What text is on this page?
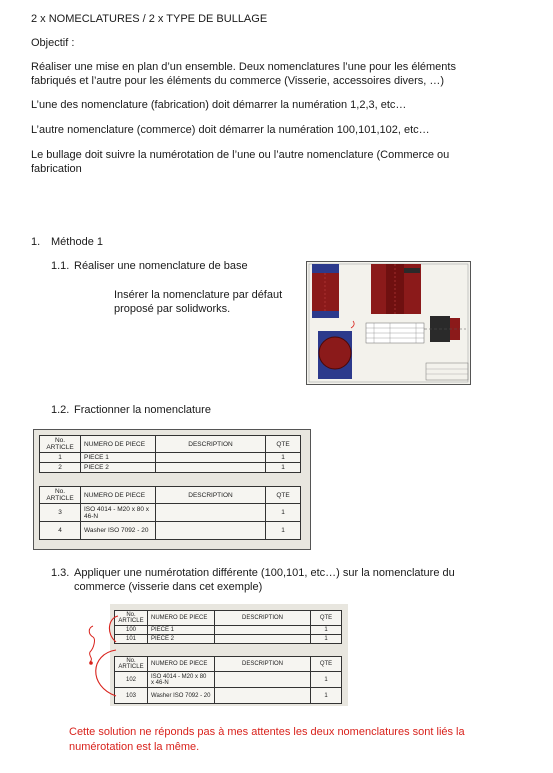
2 x NOMECLATURES / 2 x TYPE DE BULLAGE
Objectif :
Réaliser une mise en plan d’un ensemble. Deux nomenclatures l’une pour les éléments
fabriqués et l’autre pour les éléments du commerce (Visserie, accessoires divers, …)
L’une des nomenclature (fabrication) doit démarrer la numération 1,2,3, etc…
L’autre nomenclature (commerce) doit démarrer la numération 100,101,102, etc…
Le bullage doit suivre la numérotation de l’une ou l’autre nomenclature (Commerce ou
fabrication
1. Méthode 1
1.1. Réaliser une nomenclature de base
Insérer la nomenclature par défaut
proposé par solidworks.
1.2. Fractionner la nomenclature
No.
ARTICLE	NUMERO DE PIECE	DESCRIPTION	QTE
1	PIECE 1		1
2	PIECE 2		1
No.
ARTICLE	NUMERO DE PIECE	DESCRIPTION	QTE
3	ISO 4014 - M20 x 80 x 46-N		1
4	Washer ISO 7092 - 20		1
1.3. Appliquer une numérotation différente (100,101, etc…) sur la nomenclature du
commerce (visserie dans cet exemple)
No.
ARTICLE	NUMERO DE PIECE	DESCRIPTION	QTE
100	PIECE 1		1
101	PIECE 2		1
No.
ARTICLE	NUMERO DE PIECE	DESCRIPTION	QTE
102	ISO 4014 - M20 x 80 x 46-N		1
103	Washer ISO 7092 - 20		1
Cette solution ne réponds pas à mes attentes les deux nomenclatures sont liés la
numérotation est la même.
